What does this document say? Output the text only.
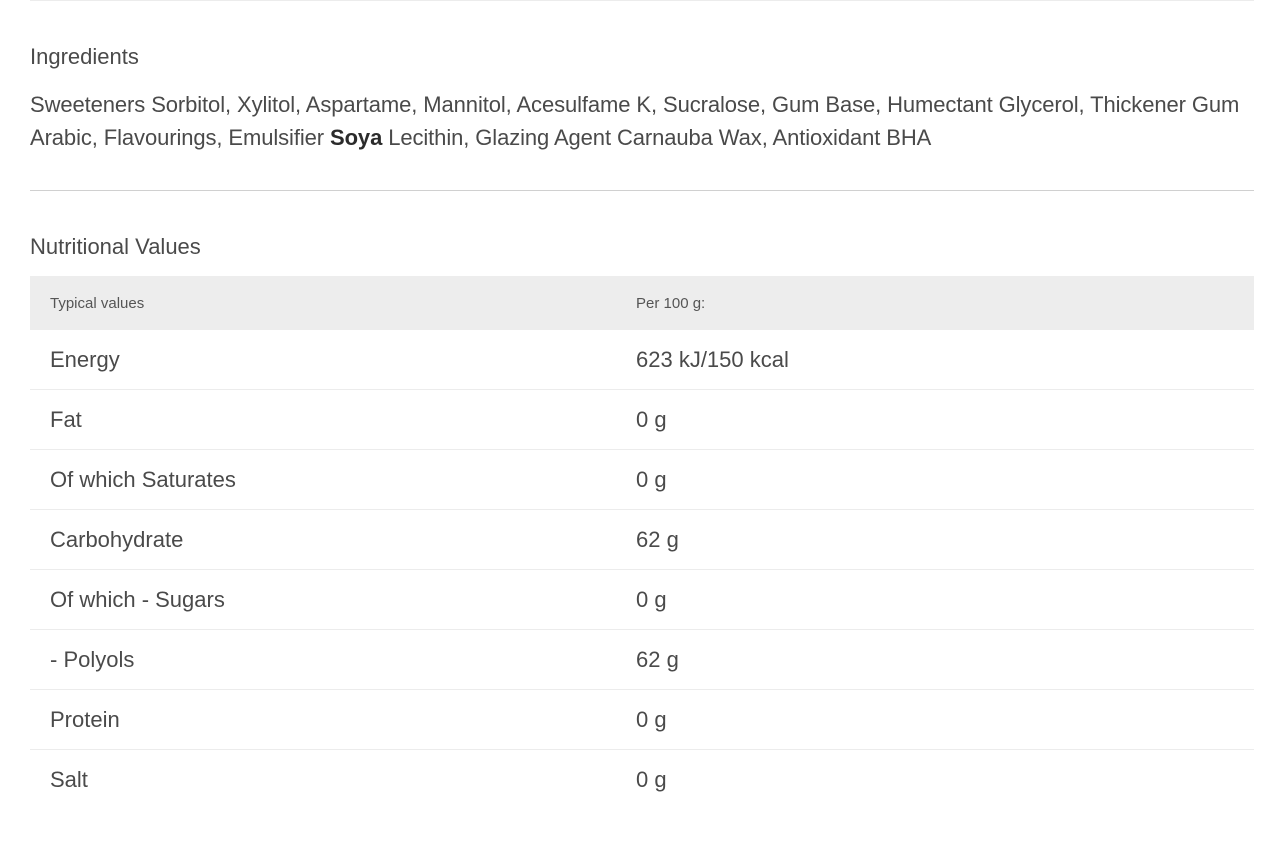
Ingredients

Sweeteners Sorbitol, Xylitol, Aspartame, Mannitol, Acesulfame K, Sucralose, Gum Base, Humectant Glycerol, Thickener Gum Arabic, Flavourings, Emulsifier Soya Lecithin, Glazing Agent Carnauba Wax, Antioxidant BHA

Nutritional Values
Typical values	Per 100 g:
Energy	623 kJ/150 kcal
Fat	0 g
Of which Saturates	0 g
Carbohydrate	62 g
Of which - Sugars	0 g
- Polyols	62 g
Protein	0 g
Salt	0 g
